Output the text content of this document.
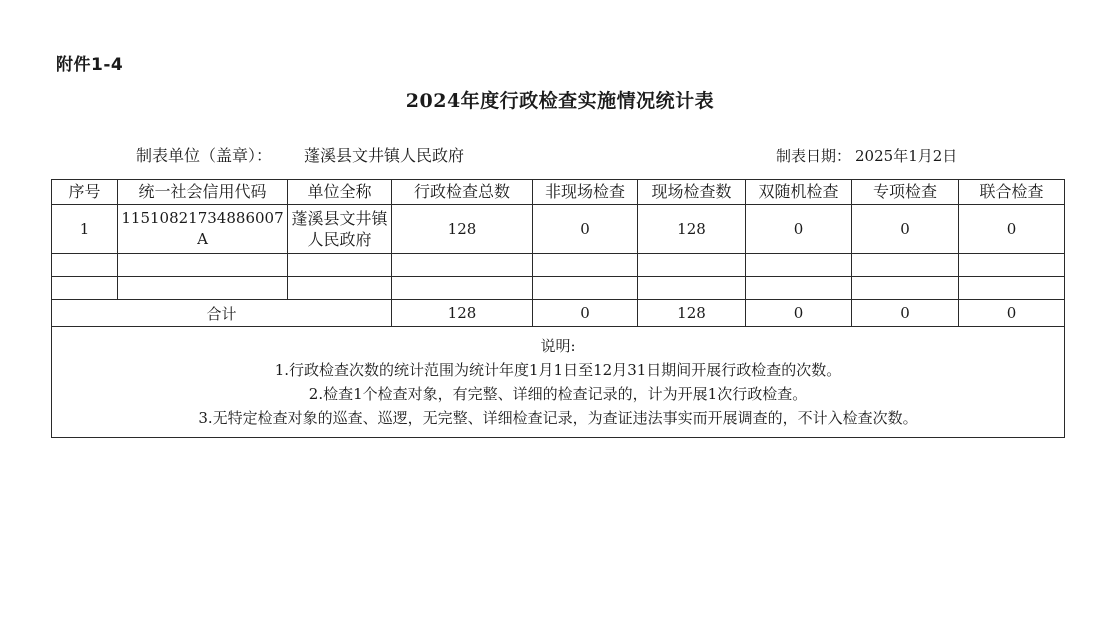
附件1-4
2024年度行政检查实施情况统计表
制表单位（盖章）： 蓬溪县文井镇人民政府	制表日期： 2025年1月2日
序号	统一社会信用代码	单位全称	行政检查总数	非现场检查	现场检查数	双随机检查	专项检查	联合检查
1	11510821734886007A	蓬溪县文井镇人民政府	128	0	128	0	0	0

合计			128	0	128	0	0	0

说明:
1.行政检查次数的统计范围为统计年度1月1日至12月31日期间开展行政检查的次数。
2.检查1个检查对象，有完整、详细的检查记录的，计为开展1次行政检查。
3.无特定检查对象的巡查、巡逻，无完整、详细检查记录，为查证违法事实而开展调查的，不计入检查次数。								
